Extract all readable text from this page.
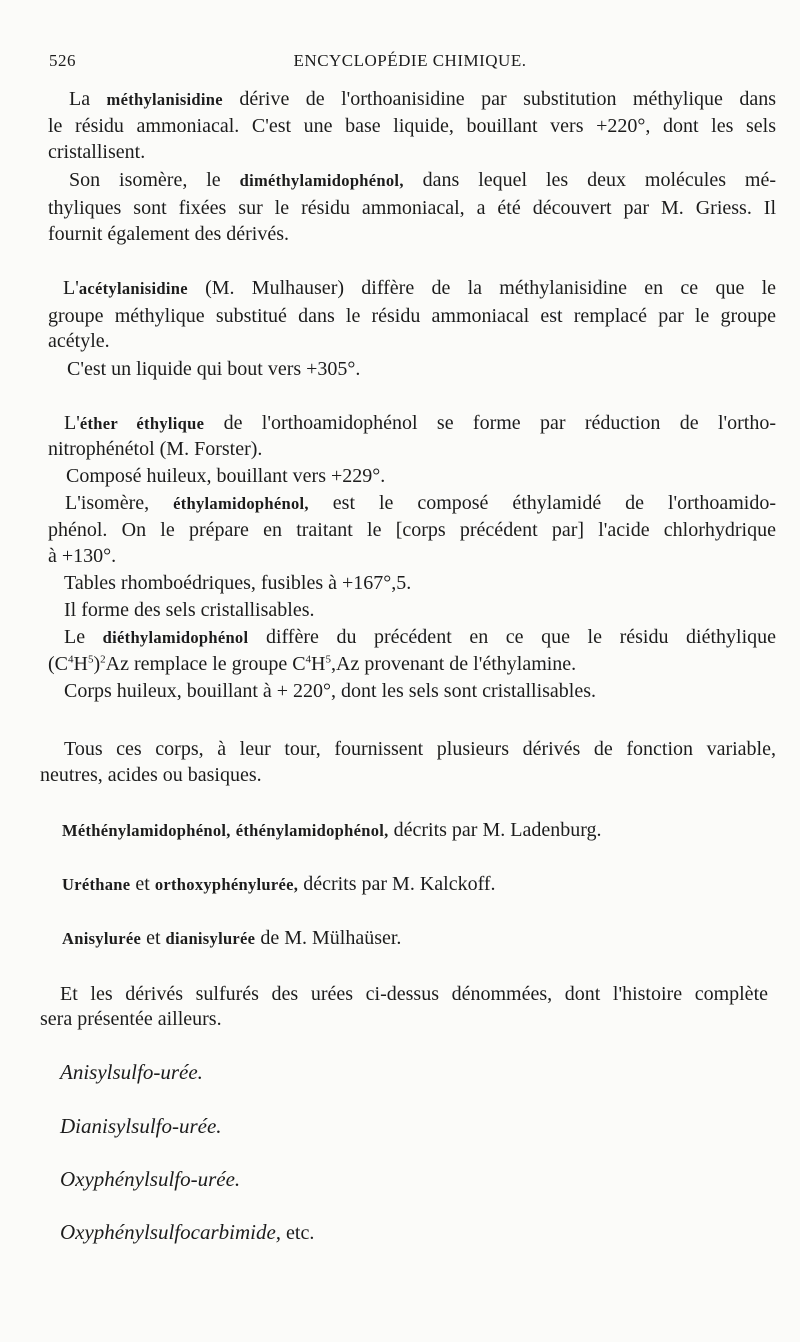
526	ENCYCLOPÉDIE CHIMIQUE.
La méthylanisidine dérive de l'orthoanisidine par substitution méthylique dans
le résidu ammoniacal. C'est une base liquide, bouillant vers +220°, dont les sels
cristallisent.
Son isomère, le diméthylamidophénol, dans lequel les deux molécules mé-
thyliques sont fixées sur le résidu ammoniacal, a été découvert par M. Griess. Il
fournit également des dérivés.
L'acétylanisidine (M. Mulhauser) diffère de la méthylanisidine en ce que le
groupe méthylique substitué dans le résidu ammoniacal est remplacé par le groupe
acétyle.
C'est un liquide qui bout vers +305°.
L'éther éthylique de l'orthoamidophénol se forme par réduction de l'ortho-
nitrophénétol (M. Forster).
Composé huileux, bouillant vers +229°.
L'isomère, éthylamidophénol, est le composé éthylamidé de l'orthoamido-
phénol. On le prépare en traitant le [corps précédent par] l'acide chlorhydrique
à +130°.
Tables rhomboédriques, fusibles à +167°,5.
Il forme des sels cristallisables.
Le diéthylamidophénol diffère du précédent en ce que le résidu diéthylique
$(C^4H^5)^2Az$ remplace le groupe $C^4H^5,Az$ provenant de l'éthylamine.
Corps huileux, bouillant à + 220°, dont les sels sont cristallisables.
Tous ces corps, à leur tour, fournissent plusieurs dérivés de fonction variable,
neutres, acides ou basiques.
Méthénylamidophénol, éthénylamidophénol, décrits par M. Ladenburg.
Uréthane et orthoxyphénylurée, décrits par M. Kalckoff.
Anisylurée et dianisylurée de M. Mülhaüser.
Et les dérivés sulfurés des urées ci-dessus dénommées, dont l'histoire complète
sera présentée ailleurs.
Anisylsulfo-urée.
Dianisylsulfo-urée.
Oxyphénylsulfo-urée.
Oxyphénylsulfocarbimide, etc.
